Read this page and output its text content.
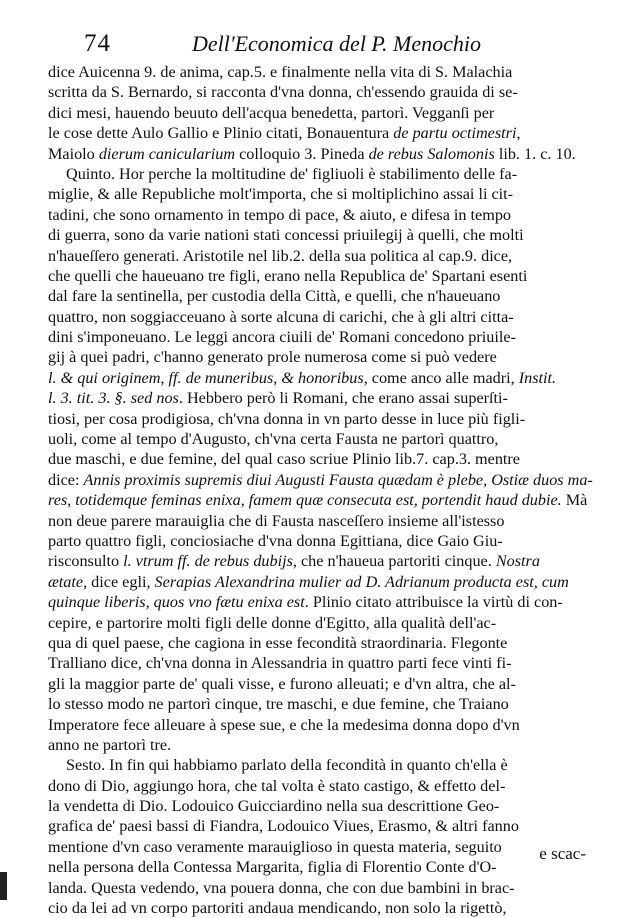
74	Dell'Economica del P. Menochio
dice Auicenna 9. de anima, cap.5. e finalmente nella vita di S. Malachia
scritta da S. Bernardo, si racconta d'vna donna, ch'essendo grauida di se-
dici mesi, hauendo beuuto dell'acqua benedetta, partorì. Vegganſi per
le cose dette Aulo Gallio e Plinio citati, Bonauentura de partu octimestri,
Maiolo dierum canicularium colloquio 3. Pineda de rebus Salomonis lib. 1. c. 10.
Quinto. Hor perche la moltitudine de' figliuoli è stabilimento delle fa-
miglie, & alle Republiche molt'importa, che si moltiplichino assai li cit-
tadini, che sono ornamento in tempo di pace, & aiuto, e difesa in tempo
di guerra, sono da varie nationi stati concessi priuilegij à quelli, che molti
n'haueſſero generati. Aristotile nel lib.2. della sua politica al cap.9. dice,
che quelli che haueuano tre figli, erano nella Republica de' Spartani esenti
dal fare la sentinella, per custodia della Città, e quelli, che n'haueuano
quattro, non soggiacceuano à sorte alcuna di carichi, che à gli altri citta-
dini s'imponeuano. Le leggi ancora ciuili de' Romani concedono priuile-
gij à quei padri, c'hanno generato prole numerosa come si può vedere
l. & qui originem, ff. de muneribus, & honoribus, come anco alle madri, Instit.
l. 3. tit. 3. §. sed nos. Hebbero però li Romani, che erano assai superſti-
tiosi, per cosa prodigiosa, ch'vna donna in vn parto desse in luce più figli-
uoli, come al tempo d'Augusto, ch'vna certa Fausta ne partorì quattro,
due maschi, e due femine, del qual caso scriue Plinio lib.7. cap.3. mentre
dice: Annis proximis supremis diui Augusti Fausta quædam è plebe, Ostiæ duos ma-
res, totidemque feminas enixa, famem quæ consecuta est, portendit haud dubie. Mà
non deue parere marauiglia che di Fausta nasceſſero insieme all'istesso
parto quattro figli, conciosiache d'vna donna Egittiana, dice Gaio Giu-
risconsulto l. vtrum ff. de rebus dubijs, che n'haueua partoriti cinque. Nostra
ætate, dice egli, Serapias Alexandrina mulier ad D. Adrianum producta est, cum
quinque liberis, quos vno fætu enixa est. Plinio citato attribuisce la virtù di con-
cepire, e partorire molti figli delle donne d'Egitto, alla qualità dell'ac-
qua di quel paese, che cagiona in esse fecondità straordinaria. Flegonte
Tralliano dice, ch'vna donna in Alessandria in quattro parti fece vinti fi-
gli la maggior parte de' quali visse, e furono alleuati; e d'vn altra, che al-
lo stesso modo ne partorì cinque, tre maschi, e due femine, che Traiano
Imperatore fece alleuare à spese sue, e che la medesima donna dopo d'vn
anno ne partorì tre.
Sesto. In fin qui habbiamo parlato della fecondità in quanto ch'ella è
dono di Dio, aggiungo hora, che tal volta è stato castigo, & effetto del-
la vendetta di Dio. Lodouico Guicciardino nella sua descrittione Geo-
grafica de' paesi bassi di Fiandra, Lodouico Viues, Erasmo, & altri fanno
mentione d'vn caso veramente marauiglioso in questa materia, seguito
nella persona della Contessa Margarita, figlia di Florentio Conte d'O-
landa. Questa vedendo, vna pouera donna, che con due bambini in brac-
cio da lei ad vn corpo partoriti andaua mendicando, non solo la rigettò,
e scac-
